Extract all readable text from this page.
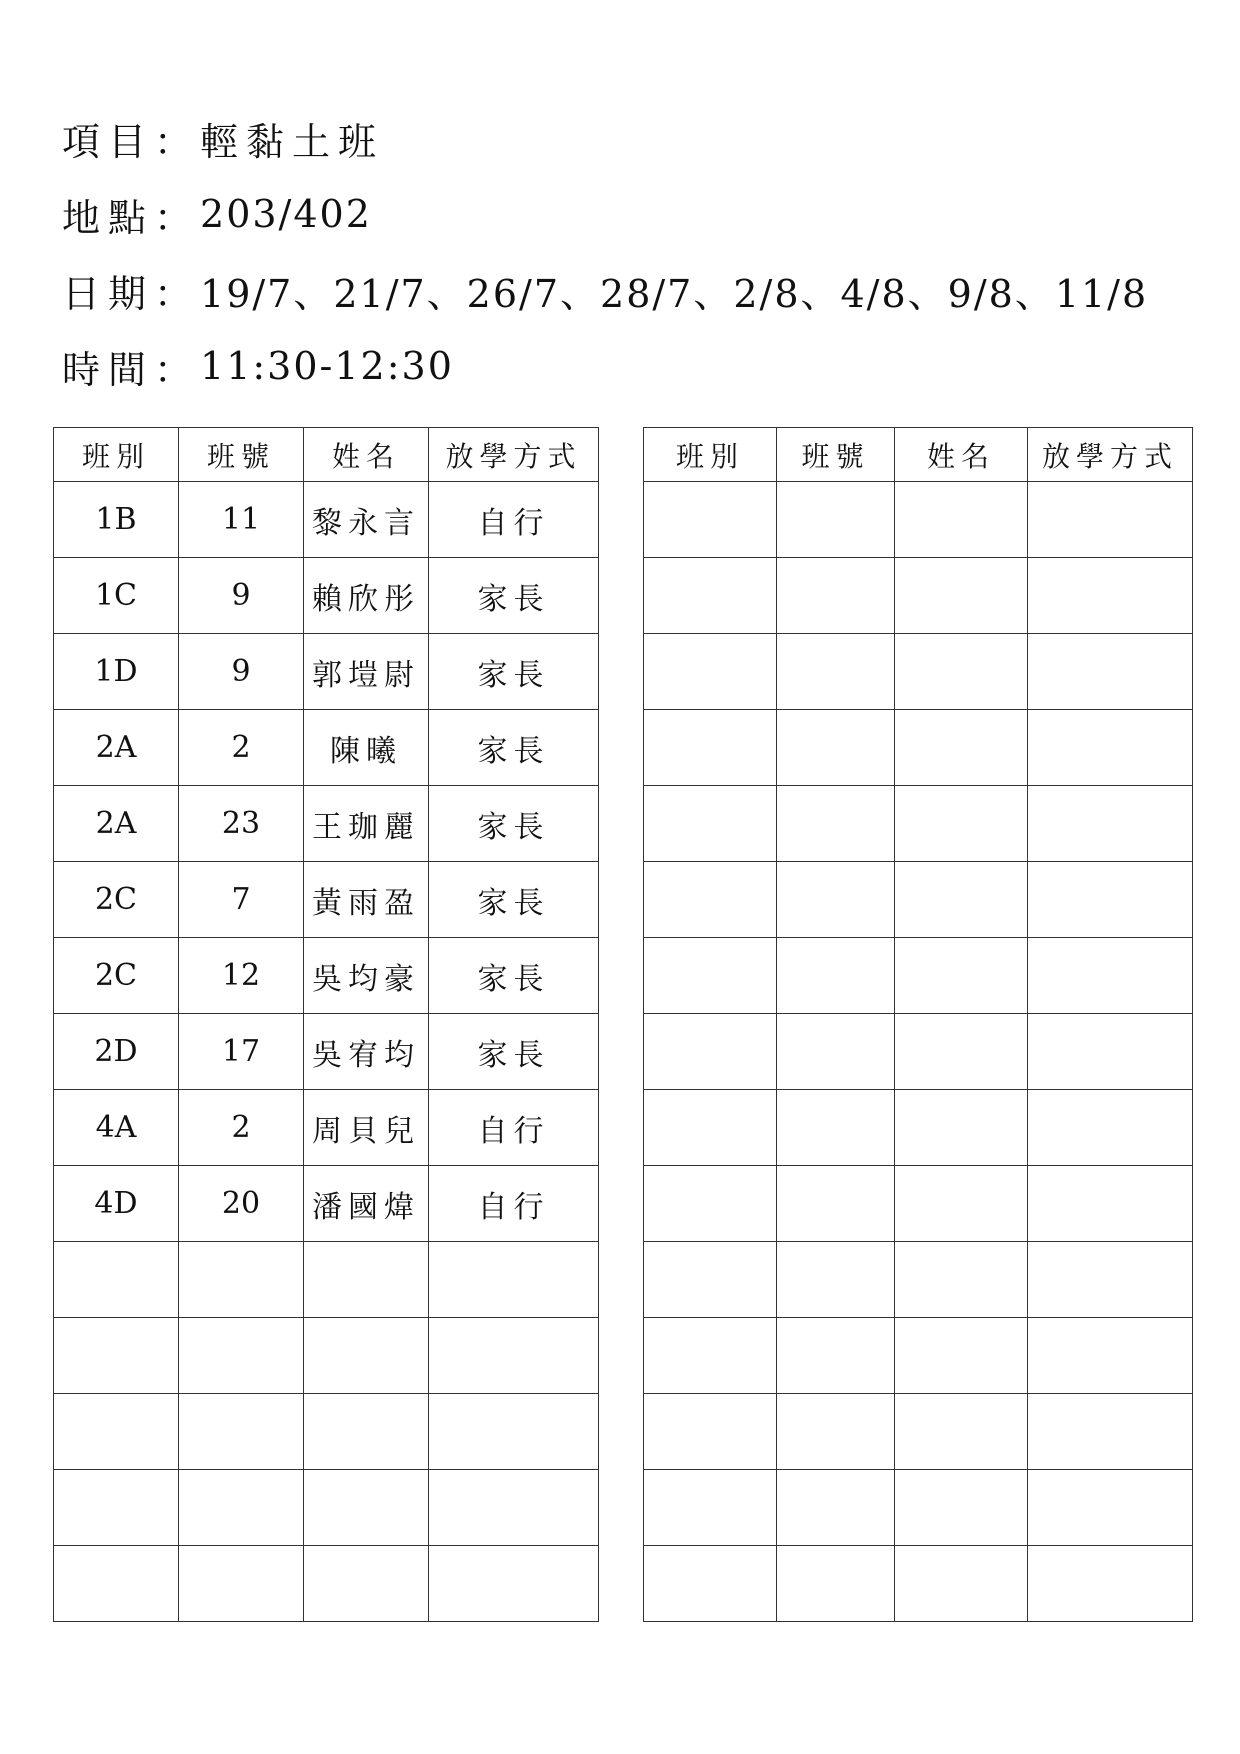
項目： 輕黏土班
地點： 203/402
日期： 19/7、21/7、26/7、28/7、2/8、4/8、9/8、11/8
時間： 11:30-12:30
班別	班號	姓名	放學方式
1B	11	黎永言	自行
1C	9	賴欣彤	家長
1D	9	郭塏尉	家長
2A	2	陳曦	家長
2A	23	王珈麗	家長
2C	7	黃雨盈	家長
2C	12	吳均豪	家長
2D	17	吳宥均	家長
4A	2	周貝兒	自行
4D	20	潘國煒	自行

班別	班號	姓名	放學方式
